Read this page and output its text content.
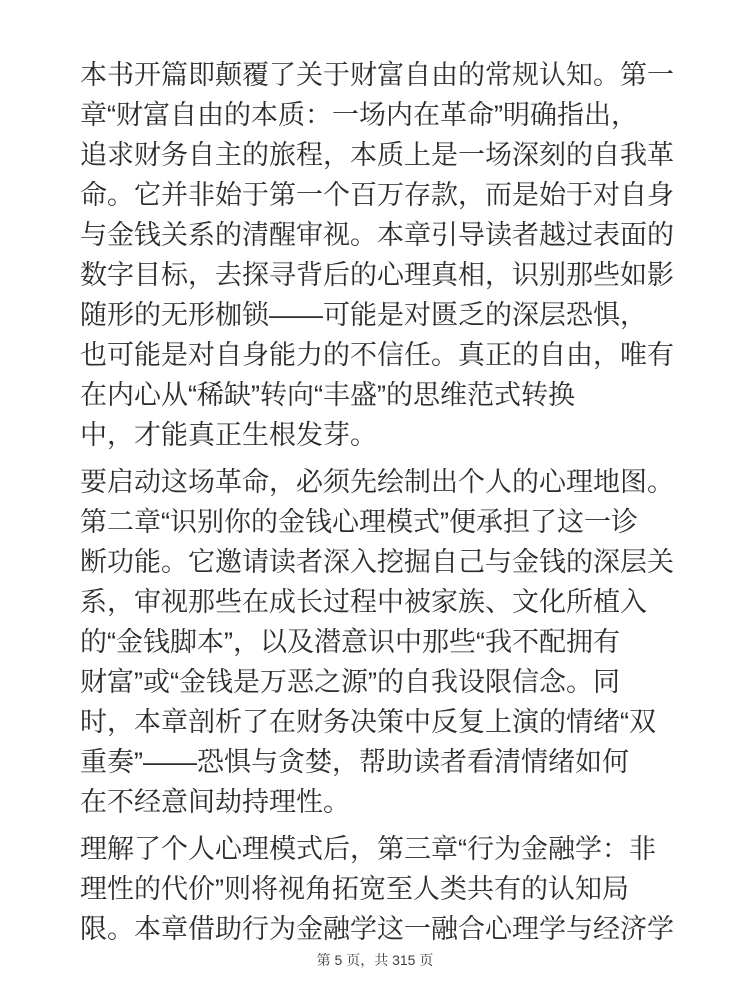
本书开篇即颠覆了关于财富自由的常规认知。第一
章“财富自由的本质：一场内在革命”明确指出，
追求财务自主的旅程，本质上是一场深刻的自我革
命。它并非始于第一个百万存款，而是始于对自身
与金钱关系的清醒审视。本章引导读者越过表面的
数字目标，去探寻背后的心理真相，识别那些如影
随形的无形枷锁——可能是对匮乏的深层恐惧，
也可能是对自身能力的不信任。真正的自由，唯有
在内心从“稀缺”转向“丰盛”的思维范式转换
中，才能真正生根发芽。
要启动这场革命，必须先绘制出个人的心理地图。
第二章“识别你的金钱心理模式”便承担了这一诊
断功能。它邀请读者深入挖掘自己与金钱的深层关
系，审视那些在成长过程中被家族、文化所植入
的“金钱脚本”，以及潜意识中那些“我不配拥有
财富”或“金钱是万恶之源”的自我设限信念。同
时，本章剖析了在财务决策中反复上演的情绪“双
重奏”——恐惧与贪婪，帮助读者看清情绪如何
在不经意间劫持理性。
理解了个人心理模式后，第三章“行为金融学：非
理性的代价”则将视角拓宽至人类共有的认知局
限。本章借助行为金融学这一融合心理学与经济学
第 5 页，共 315 页
